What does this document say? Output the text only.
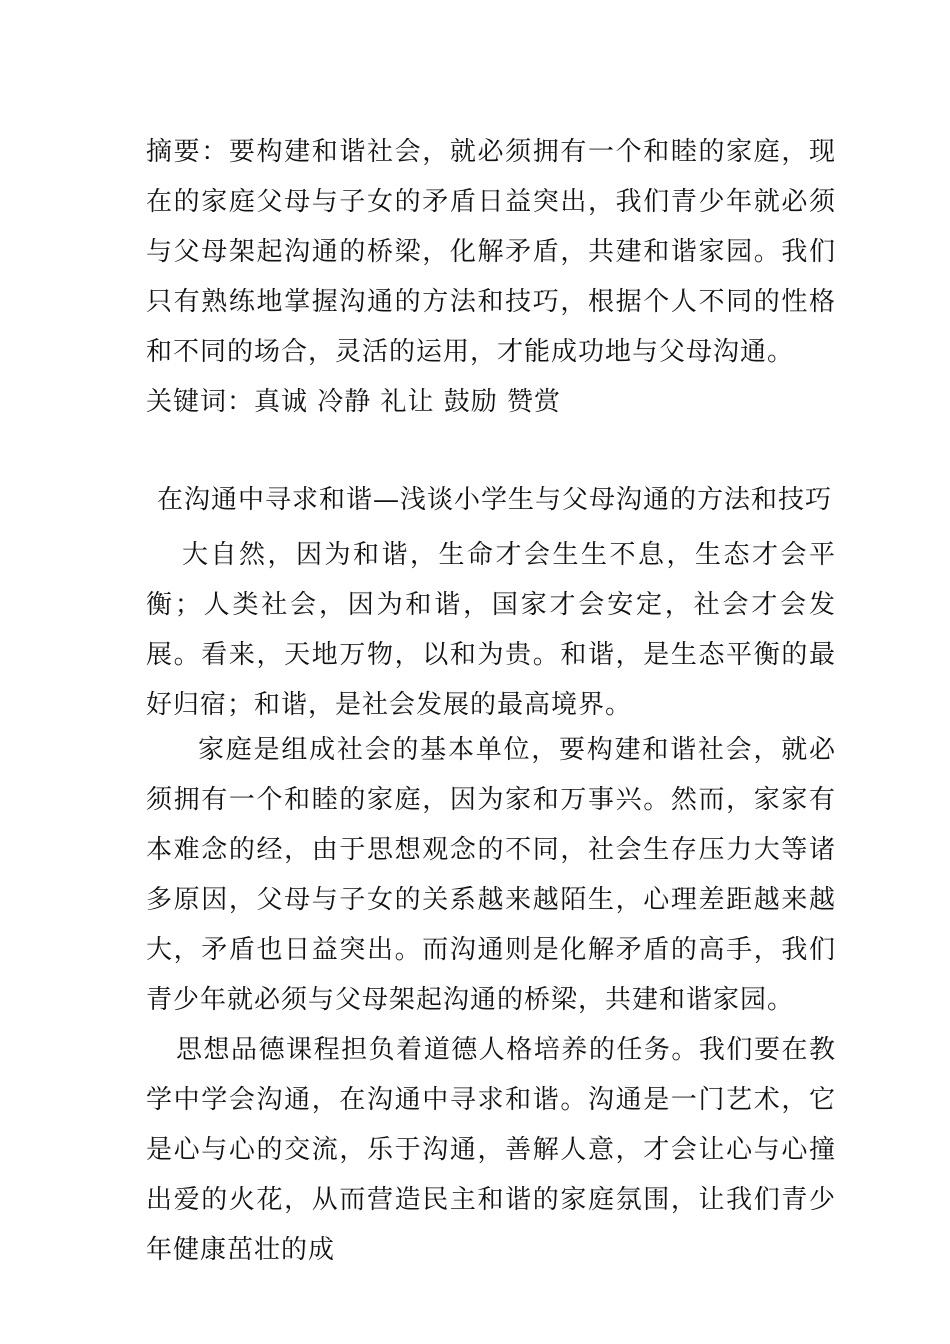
摘要：要构建和谐社会，就必须拥有一个和睦的家庭，现在的家庭父母与子女的矛盾日益突出，我们青少年就必须与父母架起沟通的桥梁，化解矛盾，共建和谐家园。我们只有熟练地掌握沟通的方法和技巧，根据个人不同的性格和不同的场合，灵活的运用，才能成功地与父母沟通。

关键词：真诚 冷静 礼让 鼓励 赞赏

在沟通中寻求和谐—浅谈小学生与父母沟通的方法和技巧

大自然，因为和谐，生命才会生生不息，生态才会平衡；人类社会，因为和谐，国家才会安定，社会才会发展。看来，天地万物，以和为贵。和谐，是生态平衡的最好归宿；和谐，是社会发展的最高境界。

家庭是组成社会的基本单位，要构建和谐社会，就必须拥有一个和睦的家庭，因为家和万事兴。然而，家家有本难念的经，由于思想观念的不同，社会生存压力大等诸多原因，父母与子女的关系越来越陌生，心理差距越来越大，矛盾也日益突出。而沟通则是化解矛盾的高手，我们青少年就必须与父母架起沟通的桥梁，共建和谐家园。

思想品德课程担负着道德人格培养的任务。我们要在教学中学会沟通，在沟通中寻求和谐。沟通是一门艺术，它是心与心的交流，乐于沟通，善解人意，才会让心与心撞出爱的火花，从而营造民主和谐的家庭氛围，让我们青少年健康茁壮的成
